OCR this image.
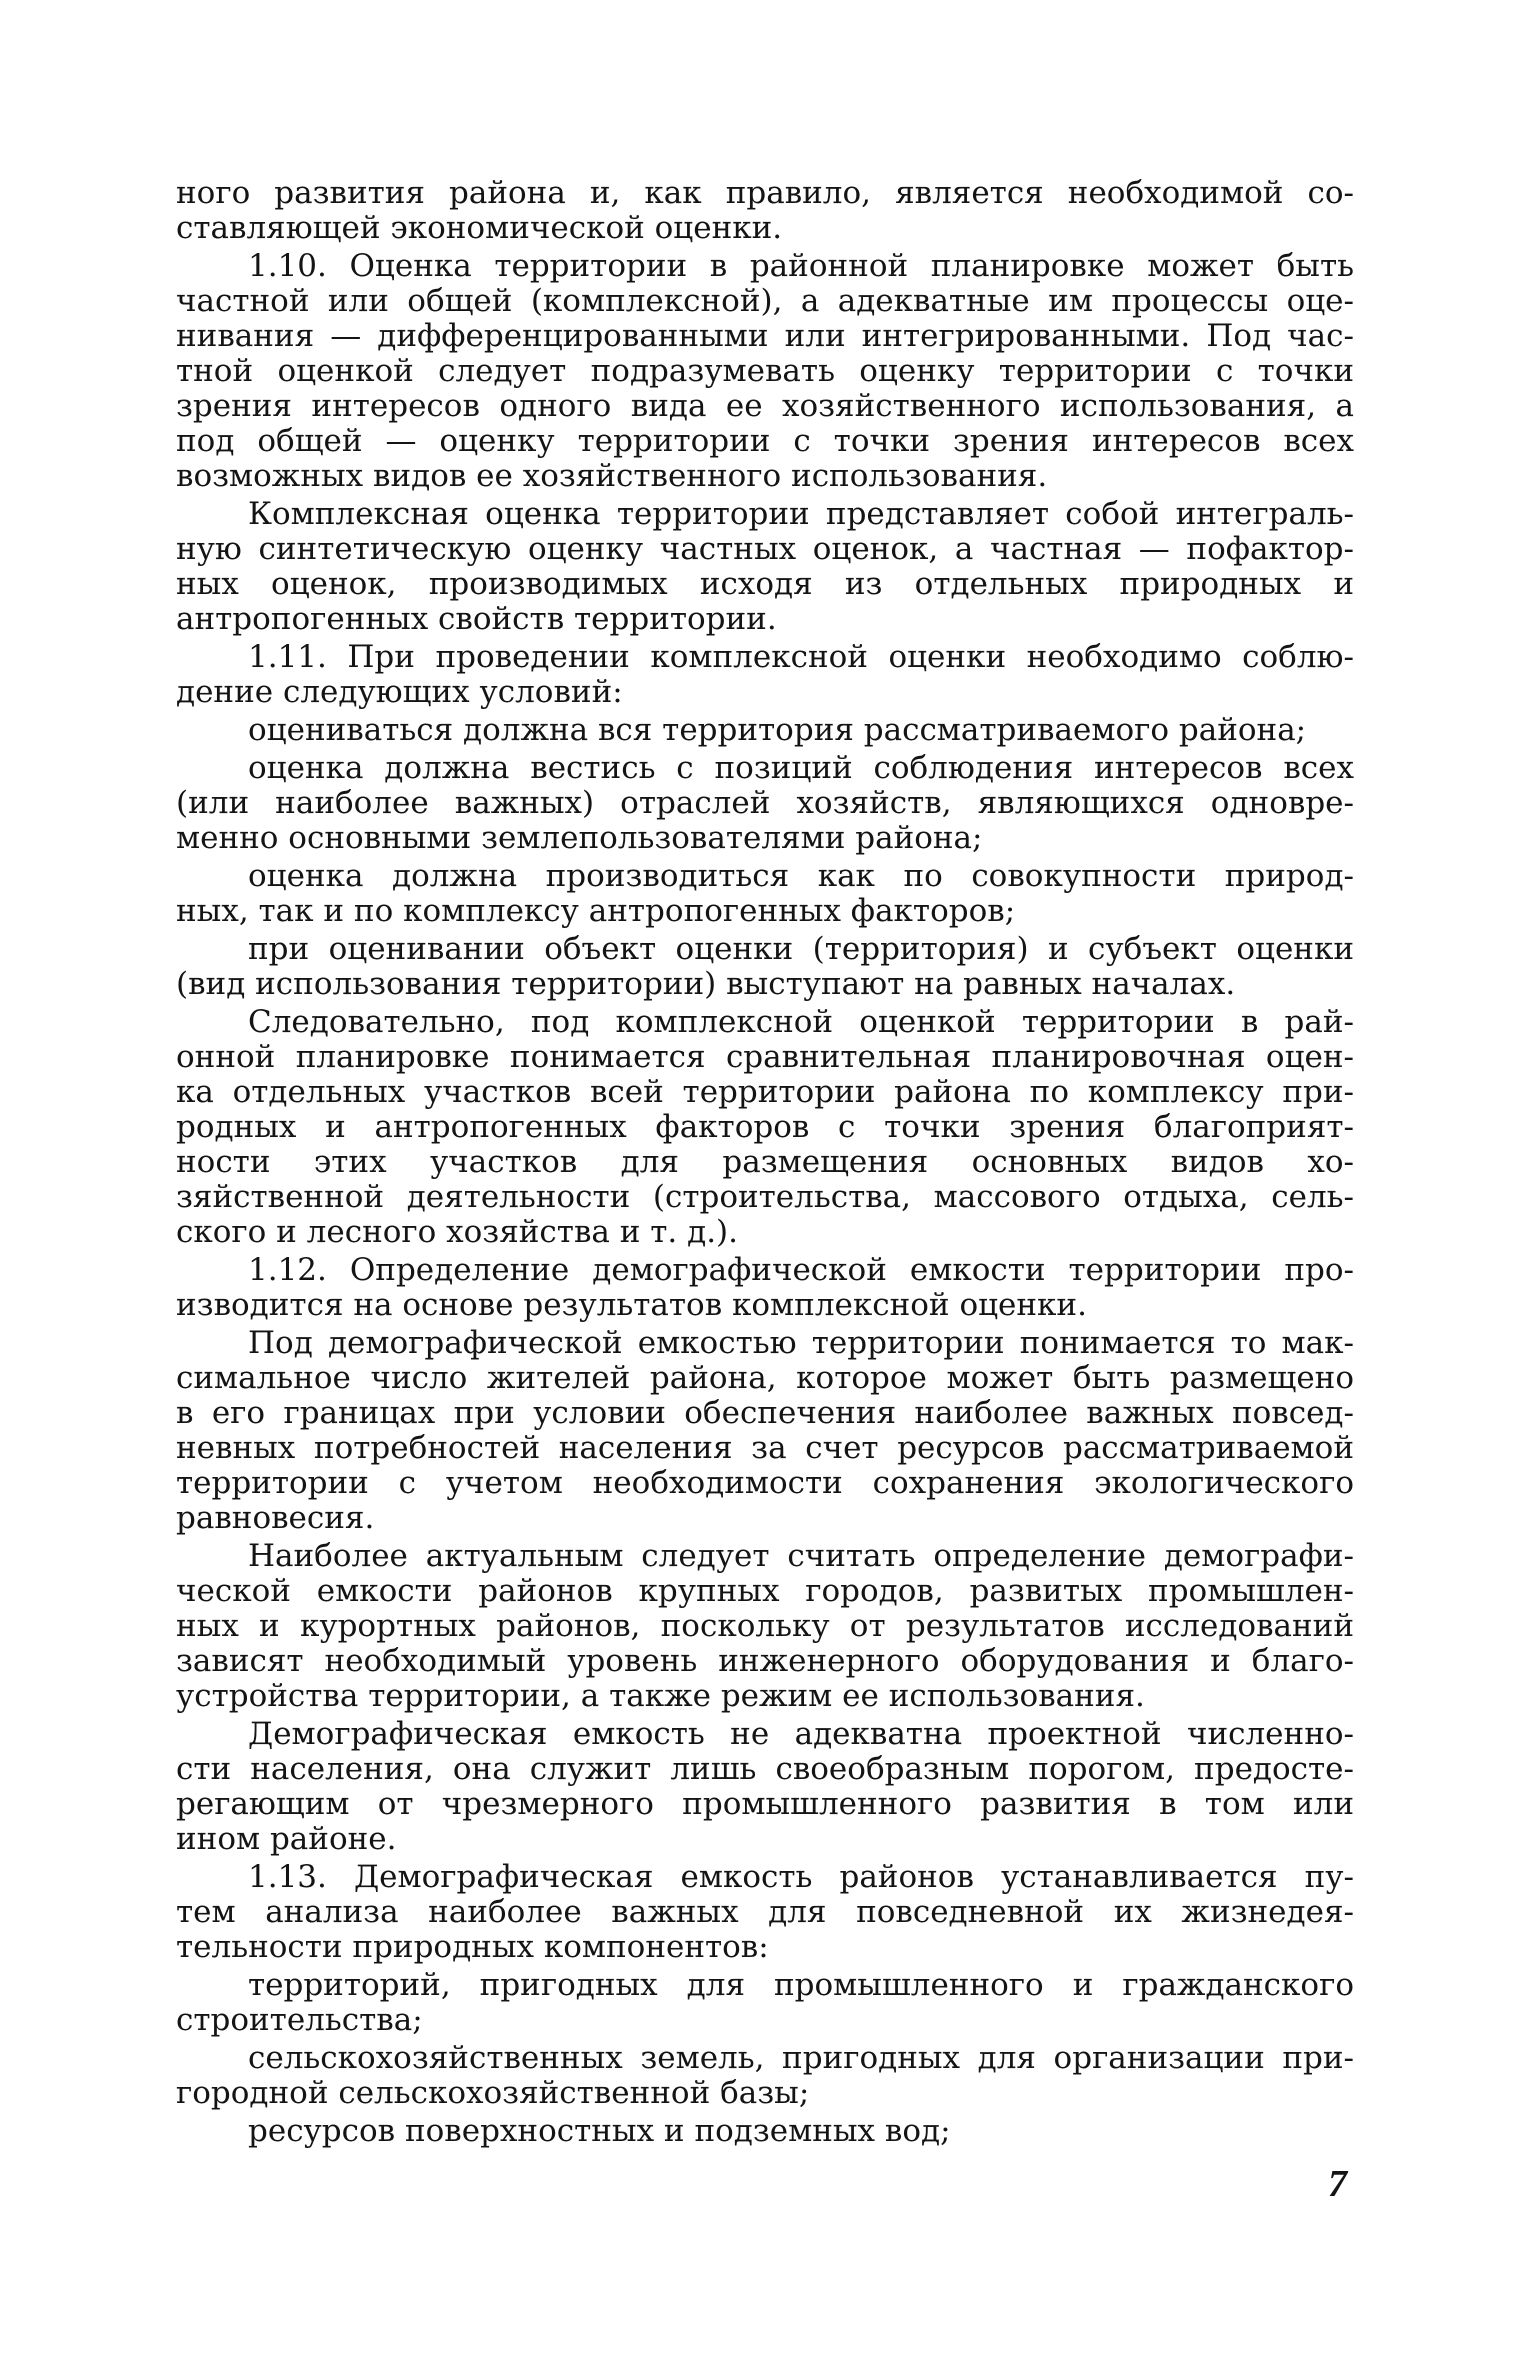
ного развития района и, как правило, является необходимой со-
ставляющей экономической оценки.
1.10. Оценка территории в районной планировке может быть
частной или общей (комплексной), а адекватные им процессы оце-
нивания — дифференцированными или интегрированными. Под час-
тной оценкой следует подразумевать оценку территории с точки
зрения интересов одного вида ее хозяйственного использования, а
под общей — оценку территории с точки зрения интересов всех
возможных видов ее хозяйственного использования.
Комплексная оценка территории представляет собой интеграль-
ную синтетическую оценку частных оценок, а частная — пофактор-
ных оценок, производимых исходя из отдельных природных и
антропогенных свойств территории.
1.11. При проведении комплексной оценки необходимо соблю-
дение следующих условий:
оцениваться должна вся территория рассматриваемого района;
оценка должна вестись с позиций соблюдения интересов всех
(или наиболее важных) отраслей хозяйств, являющихся одновре-
менно основными землепользователями района;
оценка должна производиться как по совокупности природ-
ных, так и по комплексу антропогенных факторов;
при оценивании объект оценки (территория) и субъект оценки
(вид использования территории) выступают на равных началах.
Следовательно, под комплексной оценкой территории в рай-
онной планировке понимается сравнительная планировочная оцен-
ка отдельных участков всей территории района по комплексу при-
родных и антропогенных факторов с точки зрения благоприят-
ности этих участков для размещения основных видов хо-
зяйственной деятельности (строительства, массового отдыха, сель-
ского и лесного хозяйства и т. д.).
1.12. Определение демографической емкости территории про-
изводится на основе результатов комплексной оценки.
Под демографической емкостью территории понимается то мак-
симальное число жителей района, которое может быть размещено
в его границах при условии обеспечения наиболее важных повсед-
невных потребностей населения за счет ресурсов рассматриваемой
территории с учетом необходимости сохранения экологического
равновесия.
Наиболее актуальным следует считать определение демографи-
ческой емкости районов крупных городов, развитых промышлен-
ных и курортных районов, поскольку от результатов исследований
зависят необходимый уровень инженерного оборудования и благо-
устройства территории, а также режим ее использования.
Демографическая емкость не адекватна проектной численно-
сти населения, она служит лишь своеобразным порогом, предосте-
регающим от чрезмерного промышленного развития в том или
ином районе.
1.13. Демографическая емкость районов устанавливается пу-
тем анализа наиболее важных для повседневной их жизнедея-
тельности природных компонентов:
территорий, пригодных для промышленного и гражданского
строительства;
сельскохозяйственных земель, пригодных для организации при-
городной сельскохозяйственной базы;
ресурсов поверхностных и подземных вод;
7
